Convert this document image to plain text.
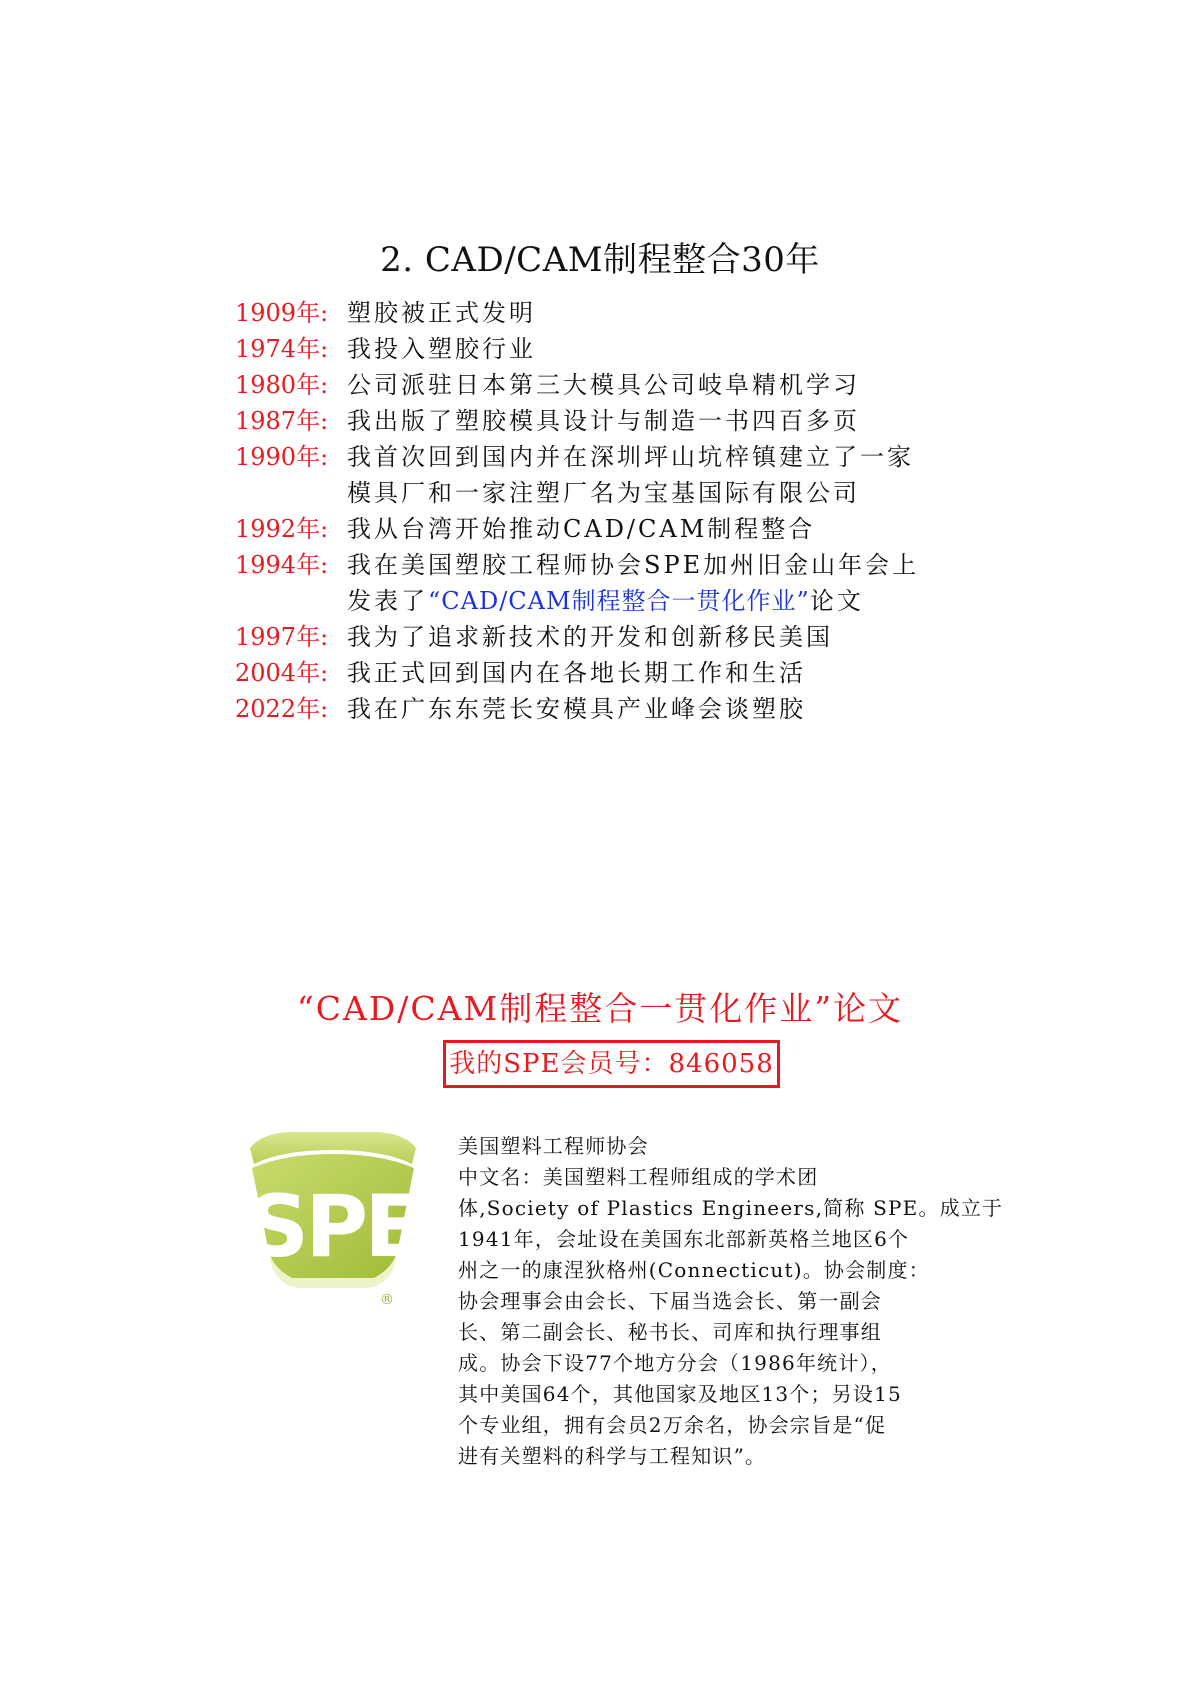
2. CAD/CAM制程整合30年
1909年: 塑胶被正式发明
1974年: 我投入塑胶行业
1980年: 公司派驻日本第三大模具公司岐阜精机学习
1987年: 我出版了塑胶模具设计与制造一书四百多页
1990年: 我首次回到国内并在深圳坪山坑梓镇建立了一家
模具厂和一家注塑厂名为宝基国际有限公司
1992年: 我从台湾开始推动CAD/CAM制程整合
1994年: 我在美国塑胶工程师协会SPE加州旧金山年会上
发表了“CAD/CAM制程整合一贯化作业”论文
1997年: 我为了追求新技术的开发和创新移民美国
2004年: 我正式回到国内在各地长期工作和生活
2022年: 我在广东东莞长安模具产业峰会谈塑胶
“CAD/CAM制程整合一贯化作业”论文
我的SPE会员号：846058
SPE
®
美国塑料工程师协会
中文名：美国塑料工程师组成的学术团
体,Society of Plastics Engineers,简称 SPE。成立于
1941年，会址设在美国东北部新英格兰地区6个
州之一的康涅狄格州(Connecticut)。协会制度：
协会理事会由会长、下届当选会长、第一副会
长、第二副会长、秘书长、司库和执行理事组
成。协会下设77个地方分会（1986年统计），
其中美国64个，其他国家及地区13个；另设15
个专业组，拥有会员2万余名，协会宗旨是“促
进有关塑料的科学与工程知识”。
